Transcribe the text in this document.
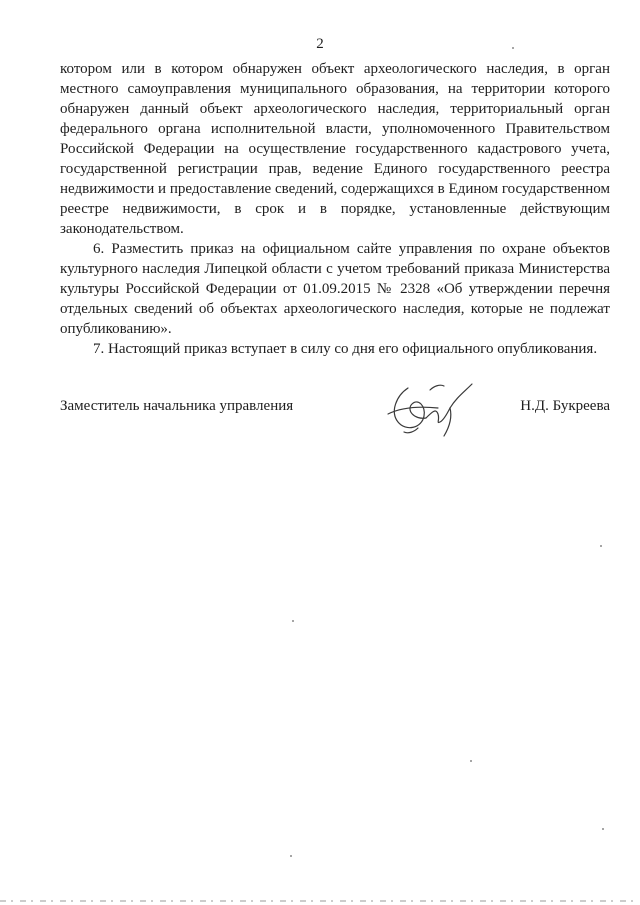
2

котором или в котором обнаружен объект археологического наследия, в орган местного самоуправления муниципального образования, на территории которого обнаружен данный объект археологического наследия, территориальный орган федерального органа исполнительной власти, уполномоченного Правительством Российской Федерации на осуществление государственного кадастрового учета, государственной регистрации прав, ведение Единого государственного реестра недвижимости и предоставление сведений, содержащихся в Едином государственном реестре недвижимости, в срок и в порядке, установленные действующим законодательством.

6. Разместить приказ на официальном сайте управления по охране объектов культурного наследия Липецкой области с учетом требований приказа Министерства культуры Российской Федерации от 01.09.2015 № 2328 «Об утверждении перечня отдельных сведений об объектах археологического наследия, которые не подлежат опубликованию».

7. Настоящий приказ вступает в силу со дня его официального опубликования.

Заместитель начальника управления	Н.Д. Букреева
